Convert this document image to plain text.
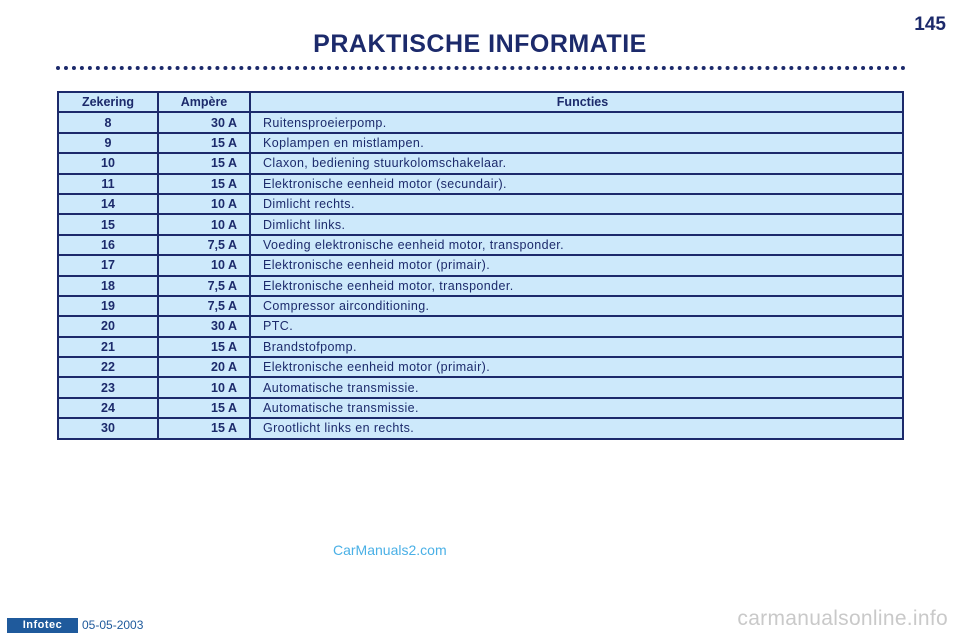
145
PRAKTISCHE INFORMATIE
Zekering	Ampère	Functies
8	30 A	Ruitensproeierpomp.
9	15 A	Koplampen en mistlampen.
10	15 A	Claxon, bediening stuurkolomschakelaar.
11	15 A	Elektronische eenheid motor (secundair).
14	10 A	Dimlicht rechts.
15	10 A	Dimlicht links.
16	7,5 A	Voeding elektronische eenheid motor, transponder.
17	10 A	Elektronische eenheid motor (primair).
18	7,5 A	Elektronische eenheid motor, transponder.
19	7,5 A	Compressor airconditioning.
20	30 A	PTC.
21	15 A	Brandstofpomp.
22	20 A	Elektronische eenheid motor (primair).
23	10 A	Automatische transmissie.
24	15 A	Automatische transmissie.
30	15 A	Grootlicht links en rechts.
CarManuals2.com
Infotec	05-05-2003	carmanualsonline.info
